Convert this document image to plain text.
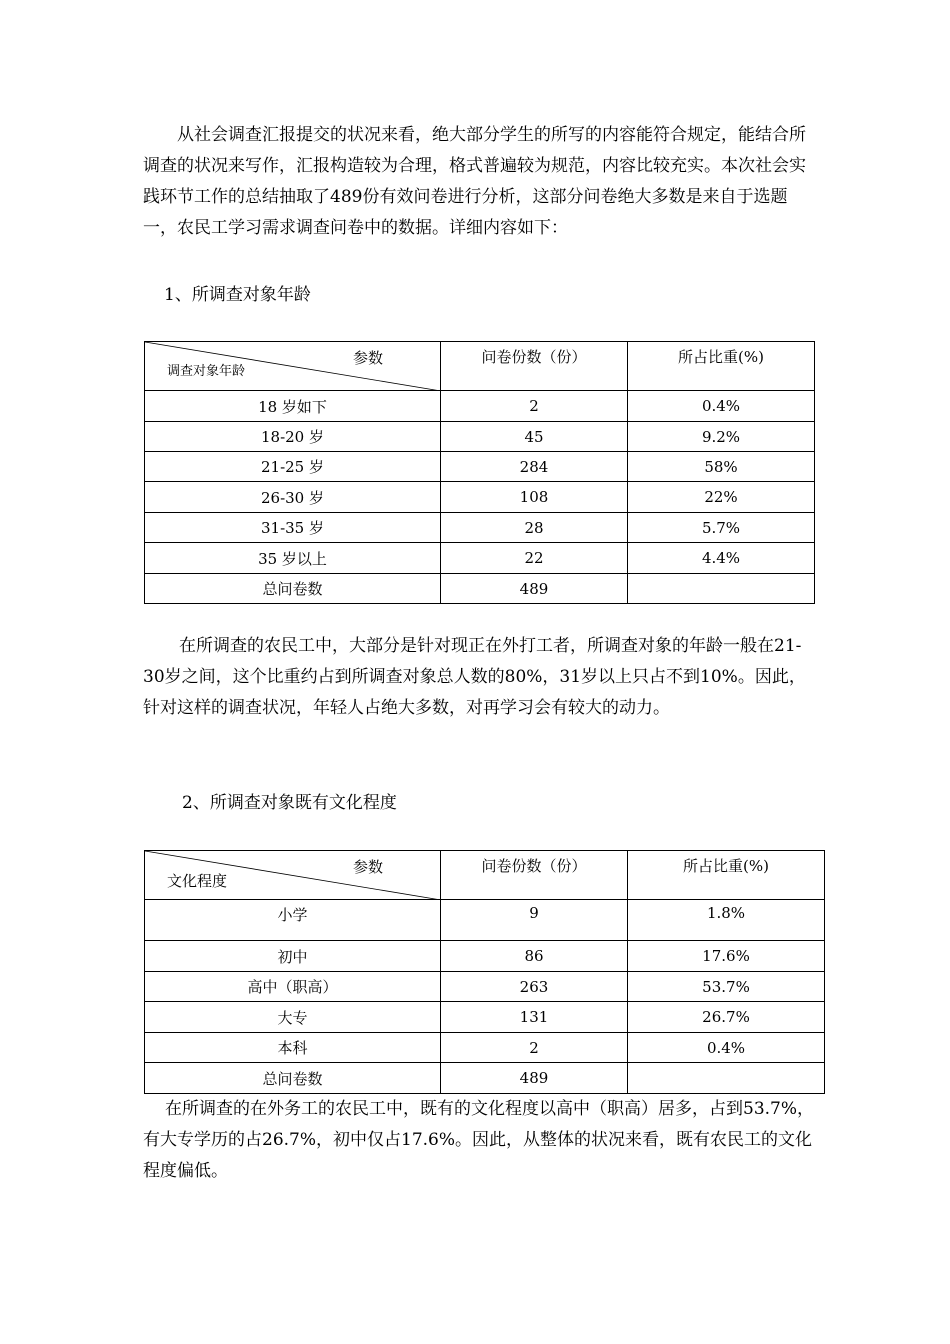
从社会调查汇报提交的状况来看，绝大部分学生的所写的内容能符合规定，能结合所调查的状况来写作，汇报构造较为合理，格式普遍较为规范，内容比较充实。本次社会实践环节工作的总结抽取了489份有效问卷进行分析，这部分问卷绝大多数是来自于选题一，农民工学习需求调查问卷中的数据。详细内容如下：

1、所调查对象年龄

参数
调查对象年龄	问卷份数（份）	所占比重(%)
18 岁如下	2	0.4%
18-20 岁	45	9.2%
21-25 岁	284	58%
26-30 岁	108	22%
31-35 岁	28	5.7%
35 岁以上	22	4.4%
总问卷数	489	

在所调查的农民工中，大部分是针对现正在外打工者，所调查对象的年龄一般在21-30岁之间，这个比重约占到所调查对象总人数的80%，31岁以上只占不到10%。因此，针对这样的调查状况，年轻人占绝大多数，对再学习会有较大的动力。

2、所调查对象既有文化程度

参数
文化程度	问卷份数（份）	所占比重(%)
小学	9	1.8%
初中	86	17.6%
高中（职高）	263	53.7%
大专	131	26.7%
本科	2	0.4%
总问卷数	489	

在所调查的在外务工的农民工中，既有的文化程度以高中（职高）居多，占到53.7%，有大专学历的占26.7%，初中仅占17.6%。因此，从整体的状况来看，既有农民工的文化程度偏低。
